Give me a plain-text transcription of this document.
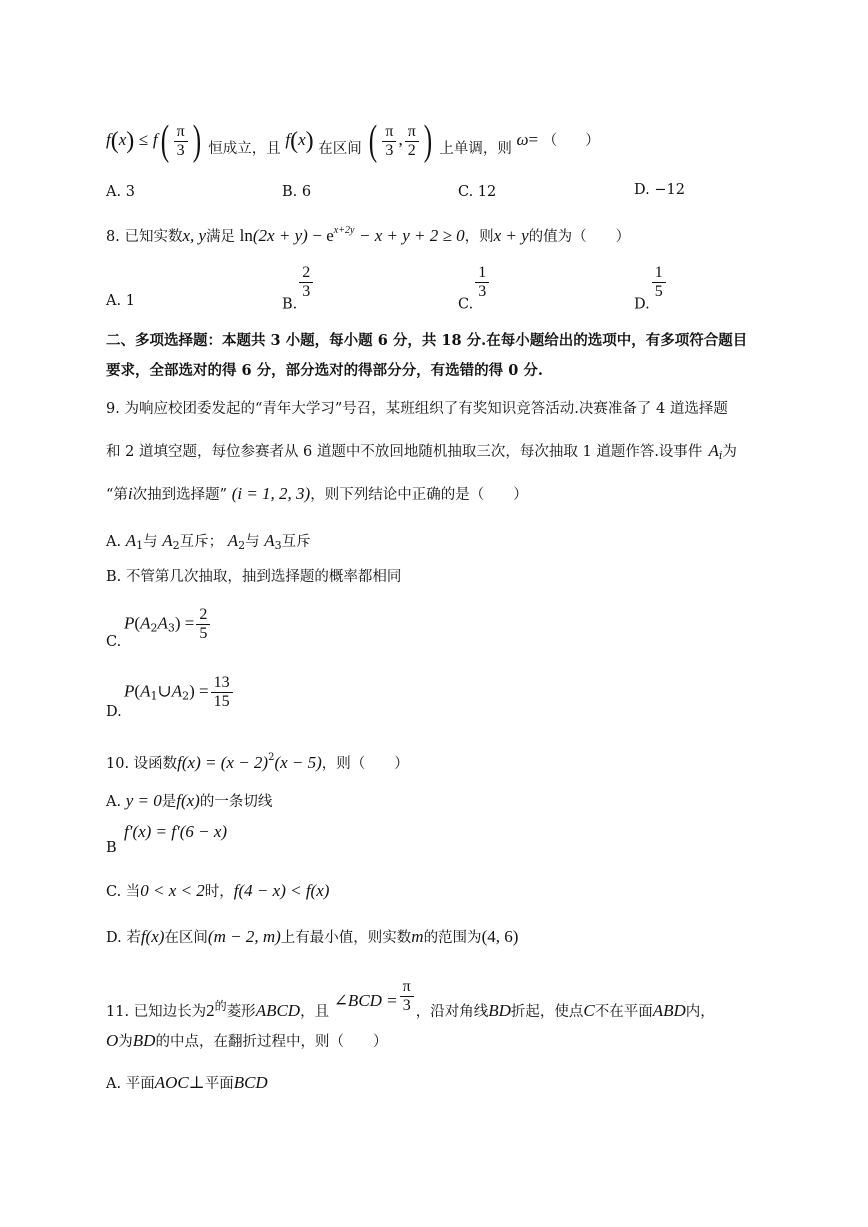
$f(x) \le f( \frac{\pi}{3}$ ) 恒成立，且 f(x) 在区间 ( $\frac{\pi}{3}$ , $\frac{\pi}{2}$ ) 上单调，则 ω= （ ）
A. 3	B. 6	C. 12	D. −12
8. 已知实数x, y满足 $\ln(2x + y) - e^{x+2y} - x + y + 2 \ge 0$，则x + y的值为（　　）
A. 1	B.
$\frac{2}{3}$
C.
$\frac{1}{3}$
D.
$\frac{1}{5}$
二、多项选择题：本题共 3 小题，每小题 6 分，共 18 分.在每小题给出的选项中，有多项符合题目
要求，全部选对的得 6 分，部分选对的得部分分，有选错的得 0 分.
9. 为响应校团委发起的“青年大学习”号召，某班组织了有奖知识竞答活动.决赛准备了 4 道选择题
和 2 道填空题，每位参赛者从 6 道题中不放回地随机抽取三次，每次抽取 1 道题作答.设事件 $A_i$为
“第i次抽到选择题” (i = 1, 2, 3)，则下列结论中正确的是（　　）
A. $A_1$与 $A_2$互斥； $A_2$与 $A_3$互斥
B. 不管第几次抽取，抽到选择题的概率都相同
C.
$P(A_2A_3) = \frac{2}{5}$
D.
$P(A_1\cup A_2) = \frac{13}{15}$
10. 设函数$f(x) = (x - 2)^2(x - 5)$，则（　　）
A. y = 0是f(x)的一条切线
B
f′(x) = f′(6 − x)
C. 当0 < x < 2时，f(4 − x) < f(x)
D. 若f(x)在区间(m − 2, m)上有最小值，则实数m的范围为(4, 6)
11. 已知边长为$2^的$菱形ABCD，且 ∠BCD = $\frac{\pi}{3}$ ，沿对角线BD折起，使点C不在平面ABD内，
O为BD的中点，在翻折过程中，则（　　）
A. 平面AOC⊥平面BCD
